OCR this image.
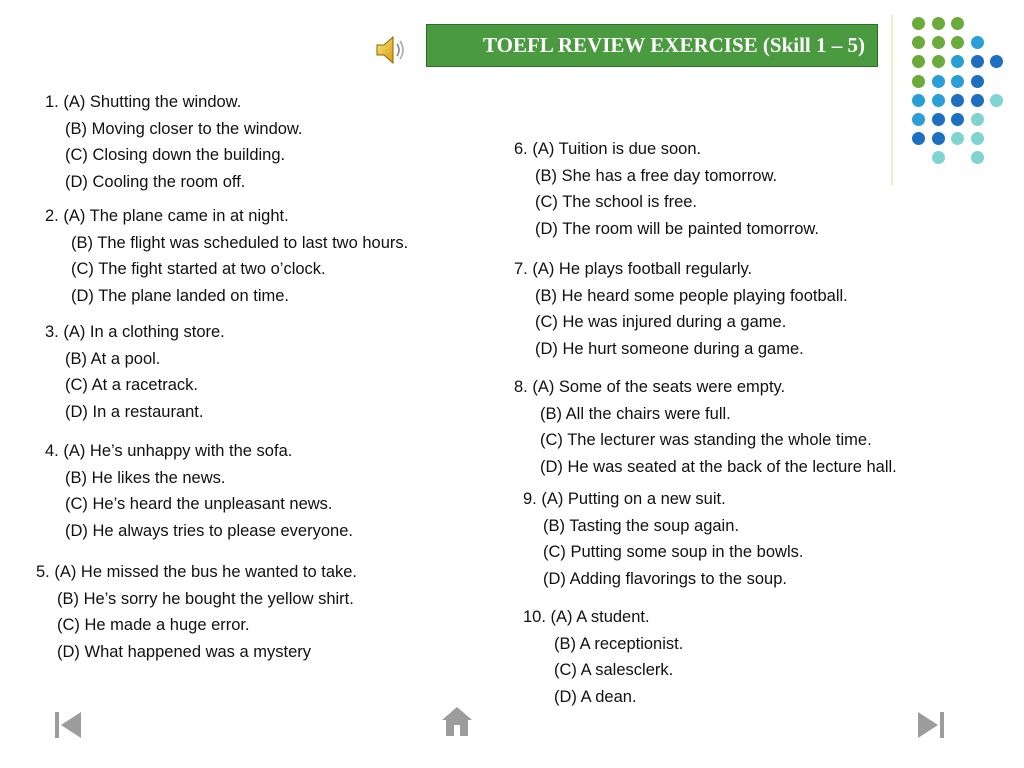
TOEFL REVIEW EXERCISE (Skill 1 – 5)
1. (A) Shutting the window.
(B) Moving closer to the window.
(C) Closing down the building.
(D) Cooling the room off.
2. (A) The plane came in at night.
(B) The flight was scheduled to last two hours.
(C) The fight started at two o’clock.
(D) The plane landed on time.
3. (A) In a clothing store.
(B) At a pool.
(C) At a racetrack.
(D) In a restaurant.
4. (A) He’s unhappy with the sofa.
(B) He likes the news.
(C) He’s heard the unpleasant news.
(D) He always tries to please everyone.
5. (A) He missed the bus he wanted to take.
(B) He’s sorry he bought the yellow shirt.
(C) He made a huge error.
(D) What happened was a mystery
6. (A) Tuition is due soon.
(B) She has a free day tomorrow.
(C) The school is free.
(D) The room will be painted tomorrow.
7. (A) He plays football regularly.
(B) He heard some people playing football.
(C) He was injured during a game.
(D) He hurt someone during a game.
8. (A) Some of the seats were empty.
(B) All the chairs were full.
(C) The lecturer was standing the whole time.
(D) He was seated at the back of the lecture hall.
9. (A) Putting on a new suit.
(B) Tasting the soup again.
(C) Putting some soup in the bowls.
(D) Adding flavorings to the soup.
10. (A) A student.
(B) A receptionist.
(C) A salesclerk.
(D) A dean.
